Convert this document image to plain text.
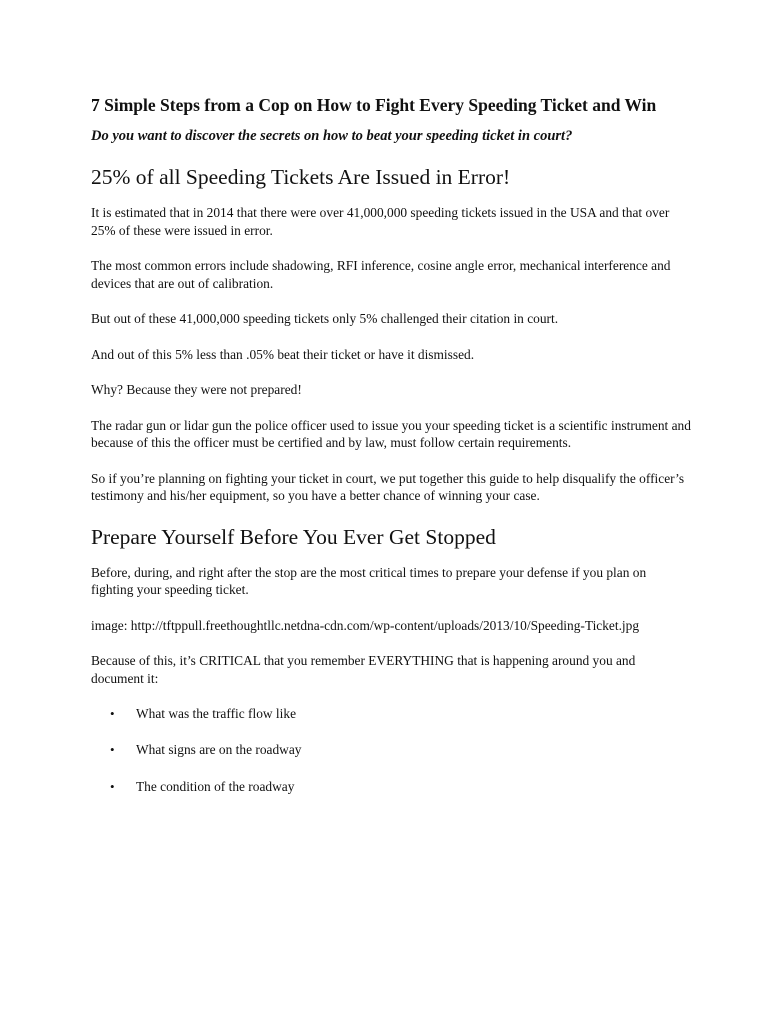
7 Simple Steps from a Cop on How to Fight Every Speeding Ticket and Win
Do you want to discover the secrets on how to beat your speeding ticket in court?
25% of all Speeding Tickets Are Issued in Error!

It is estimated that in 2014 that there were over 41,000,000 speeding tickets issued in the USA and that over 25% of these were issued in error.

The most common errors include shadowing, RFI inference, cosine angle error, mechanical interference and devices that are out of calibration.

But out of these 41,000,000 speeding tickets only 5% challenged their citation in court.

And out of this 5% less than .05% beat their ticket or have it dismissed.

Why? Because they were not prepared!

The radar gun or lidar gun the police officer used to issue you your speeding ticket is a scientific instrument and because of this the officer must be certified and by law, must follow certain requirements.

So if you’re planning on fighting your ticket in court, we put together this guide to help disqualify the officer’s testimony and his/her equipment, so you have a better chance of winning your case.

Prepare Yourself Before You Ever Get Stopped

Before, during, and right after the stop are the most critical times to prepare your defense if you plan on fighting your speeding ticket.

image: http://tftppull.freethoughtllc.netdna-cdn.com/wp-content/uploads/2013/10/Speeding-Ticket.jpg

Because of this, it’s CRITICAL that you remember EVERYTHING that is happening around you and document it:

• What was the traffic flow like
• What signs are on the roadway
• The condition of the roadway
